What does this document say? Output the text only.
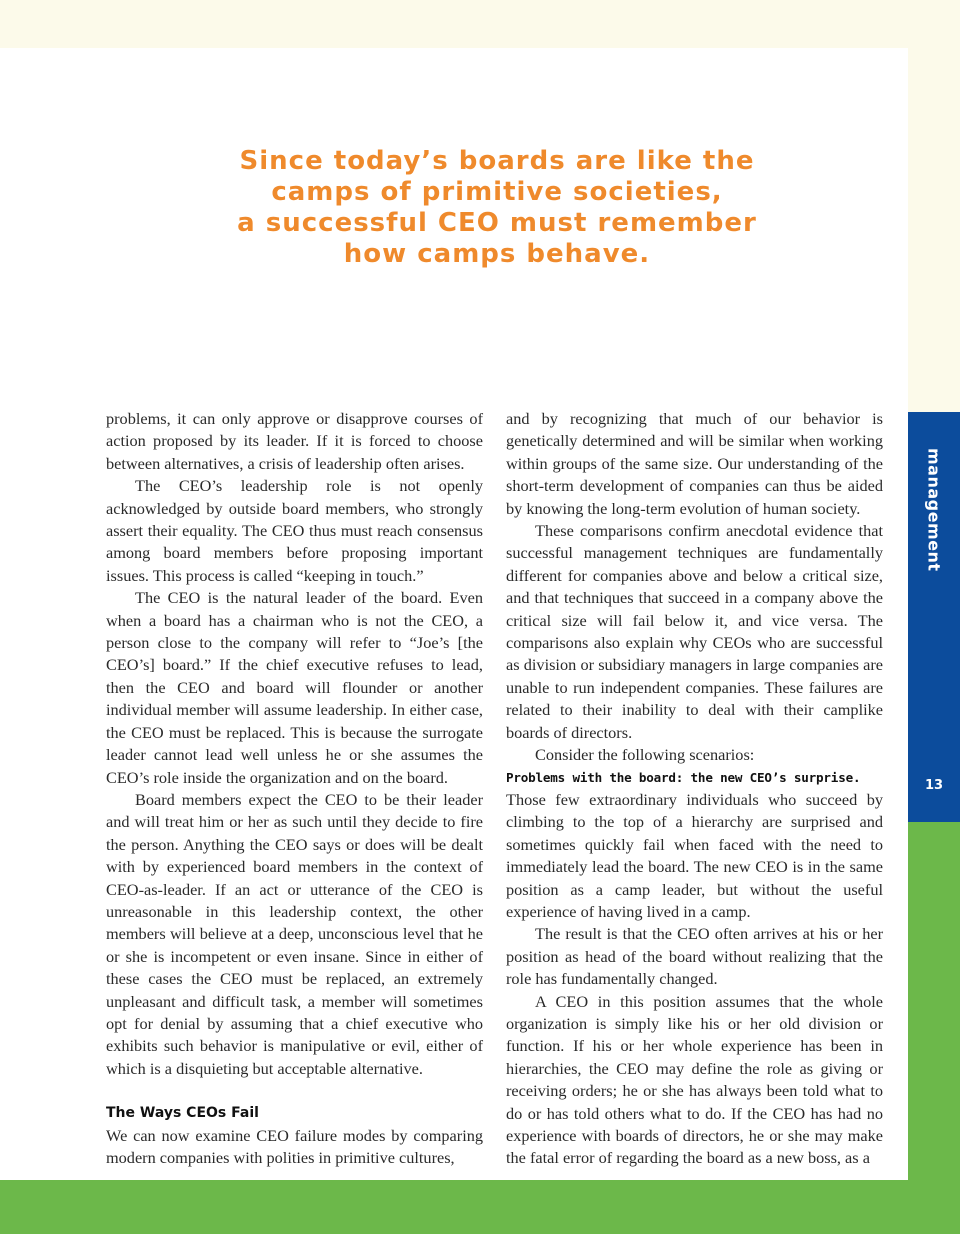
management
13
Since today’s boards are like the
camps of primitive societies,
a successful CEO must remember
how camps behave.

problems, it can only approve or disapprove courses of action proposed by its leader. If it is forced to choose between alternatives, a crisis of leadership often arises.

The CEO’s leadership role is not openly acknowledged by outside board members, who strongly assert their equality. The CEO thus must reach consensus among board members before proposing important issues. This process is called “keeping in touch.”

The CEO is the natural leader of the board. Even when a board has a chairman who is not the CEO, a person close to the company will refer to “Joe’s [the CEO’s] board.” If the chief executive refuses to lead, then the CEO and board will flounder or another individual member will assume leadership. In either case, the CEO must be replaced. This is because the surrogate leader cannot lead well unless he or she assumes the CEO’s role inside the organization and on the board.

Board members expect the CEO to be their leader and will treat him or her as such until they decide to fire the person. Anything the CEO says or does will be dealt with by experienced board members in the context of CEO-as-leader. If an act or utterance of the CEO is unreasonable in this leadership context, the other members will believe at a deep, unconscious level that he or she is incompetent or even insane. Since in either of these cases the CEO must be replaced, an extremely unpleasant and difficult task, a member will sometimes opt for denial by assuming that a chief executive who exhibits such behavior is manipulative or evil, either of which is a disquieting but acceptable alternative.

The Ways CEOs Fail

We can now examine CEO failure modes by comparing modern companies with polities in primitive cultures,

and by recognizing that much of our behavior is genetically determined and will be similar when working within groups of the same size. Our understanding of the short-term development of companies can thus be aided by knowing the long-term evolution of human society.

These comparisons confirm anecdotal evidence that successful management techniques are fundamentally different for companies above and below a critical size, and that techniques that succeed in a company above the critical size will fail below it, and vice versa. The comparisons also explain why CEOs who are successful as division or subsidiary managers in large companies are unable to run independent companies. These failures are related to their inability to deal with their camplike boards of directors.

Consider the following scenarios:

Problems with the board: the new CEO’s surprise.

Those few extraordinary individuals who succeed by climbing to the top of a hierarchy are surprised and sometimes quickly fail when faced with the need to immediately lead the board. The new CEO is in the same position as a camp leader, but without the useful experience of having lived in a camp.

The result is that the CEO often arrives at his or her position as head of the board without realizing that the role has fundamentally changed.

A CEO in this position assumes that the whole organization is simply like his or her old division or function. If his or her whole experience has been in hierarchies, the CEO may define the role as giving or receiving orders; he or she has always been told what to do or has told others what to do. If the CEO has had no experience with boards of directors, he or she may make the fatal error of regarding the board as a new boss, as a
